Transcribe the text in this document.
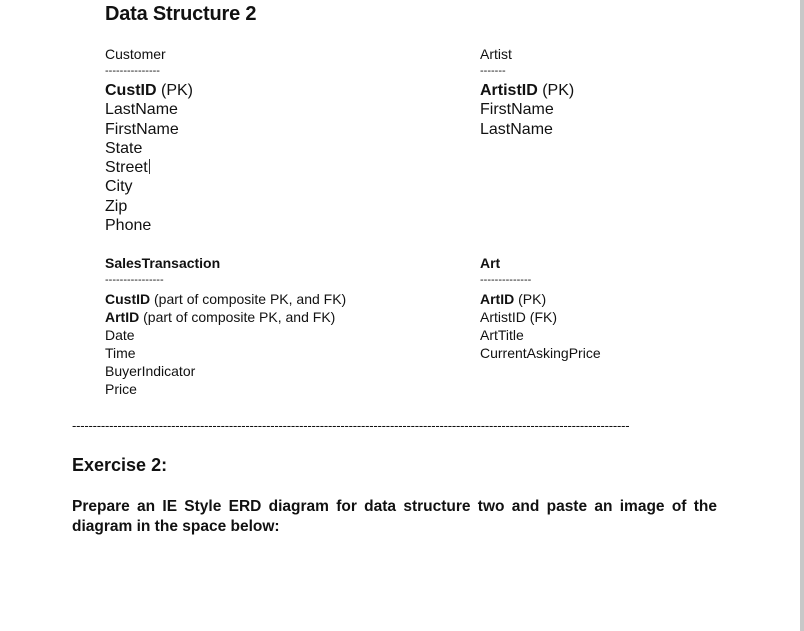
Data Structure 2
Customer
---------------
CustID (PK)
LastName
FirstName
State
Street
City
Zip
Phone
Artist
-------
ArtistID (PK)
FirstName
LastName
SalesTransaction
----------------
CustID (part of composite PK, and FK)
ArtID (part of composite PK, and FK)
Date
Time
BuyerIndicator
Price
Art
--------------
ArtID (PK)
ArtistID (FK)
ArtTitle
CurrentAskingPrice
---------------------------------------------------------------------------------------------------------------------------------------
Exercise 2:
Prepare an IE Style ERD diagram for data structure two and paste an image of the diagram in the space below:
